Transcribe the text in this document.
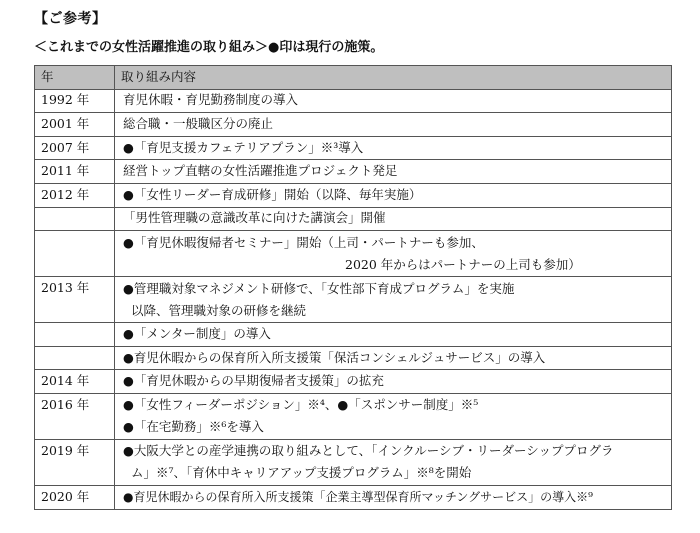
【ご参考】
＜これまでの女性活躍推進の取り組み＞●印は現行の施策。
年	取り組み内容
1992 年	育児休暇・育児勤務制度の導入
2001 年	総合職・一般職区分の廃止
2007 年	●「育児支援カフェテリアプラン」※³導入
2011 年	経営トップ直轄の女性活躍推進プロジェクト発足
2012 年	●「女性リーダー育成研修」開始（以降、毎年実施）
	「男性管理職の意識改革に向けた講演会」開催

	●「育児休暇復帰者セミナー」開始（上司・パートナーも参加、
2020 年からはパートナーの上司も参加）

2013 年	●管理職対象マネジメント研修で、「女性部下育成プログラム」を実施
以降、管理職対象の研修を継続

	●「メンター制度」の導入
	●育児休暇からの保育所入所支援策「保活コンシェルジュサービス」の導入
2014 年	●「育児休暇からの早期復帰者支援策」の拡充
2016 年	●「女性フィーダーポジション」※⁴、●「スポンサー制度」※⁵
●「在宅勤務」※⁶を導入

2019 年	●大阪大学との産学連携の取り組みとして、「インクルーシブ・リーダーシッププログラ
ム」※⁷、「育休中キャリアアップ支援プログラム」※⁸を開始

2020 年	●育児休暇からの保育所入所支援策「企業主導型保育所マッチングサービス」の導入※⁹
